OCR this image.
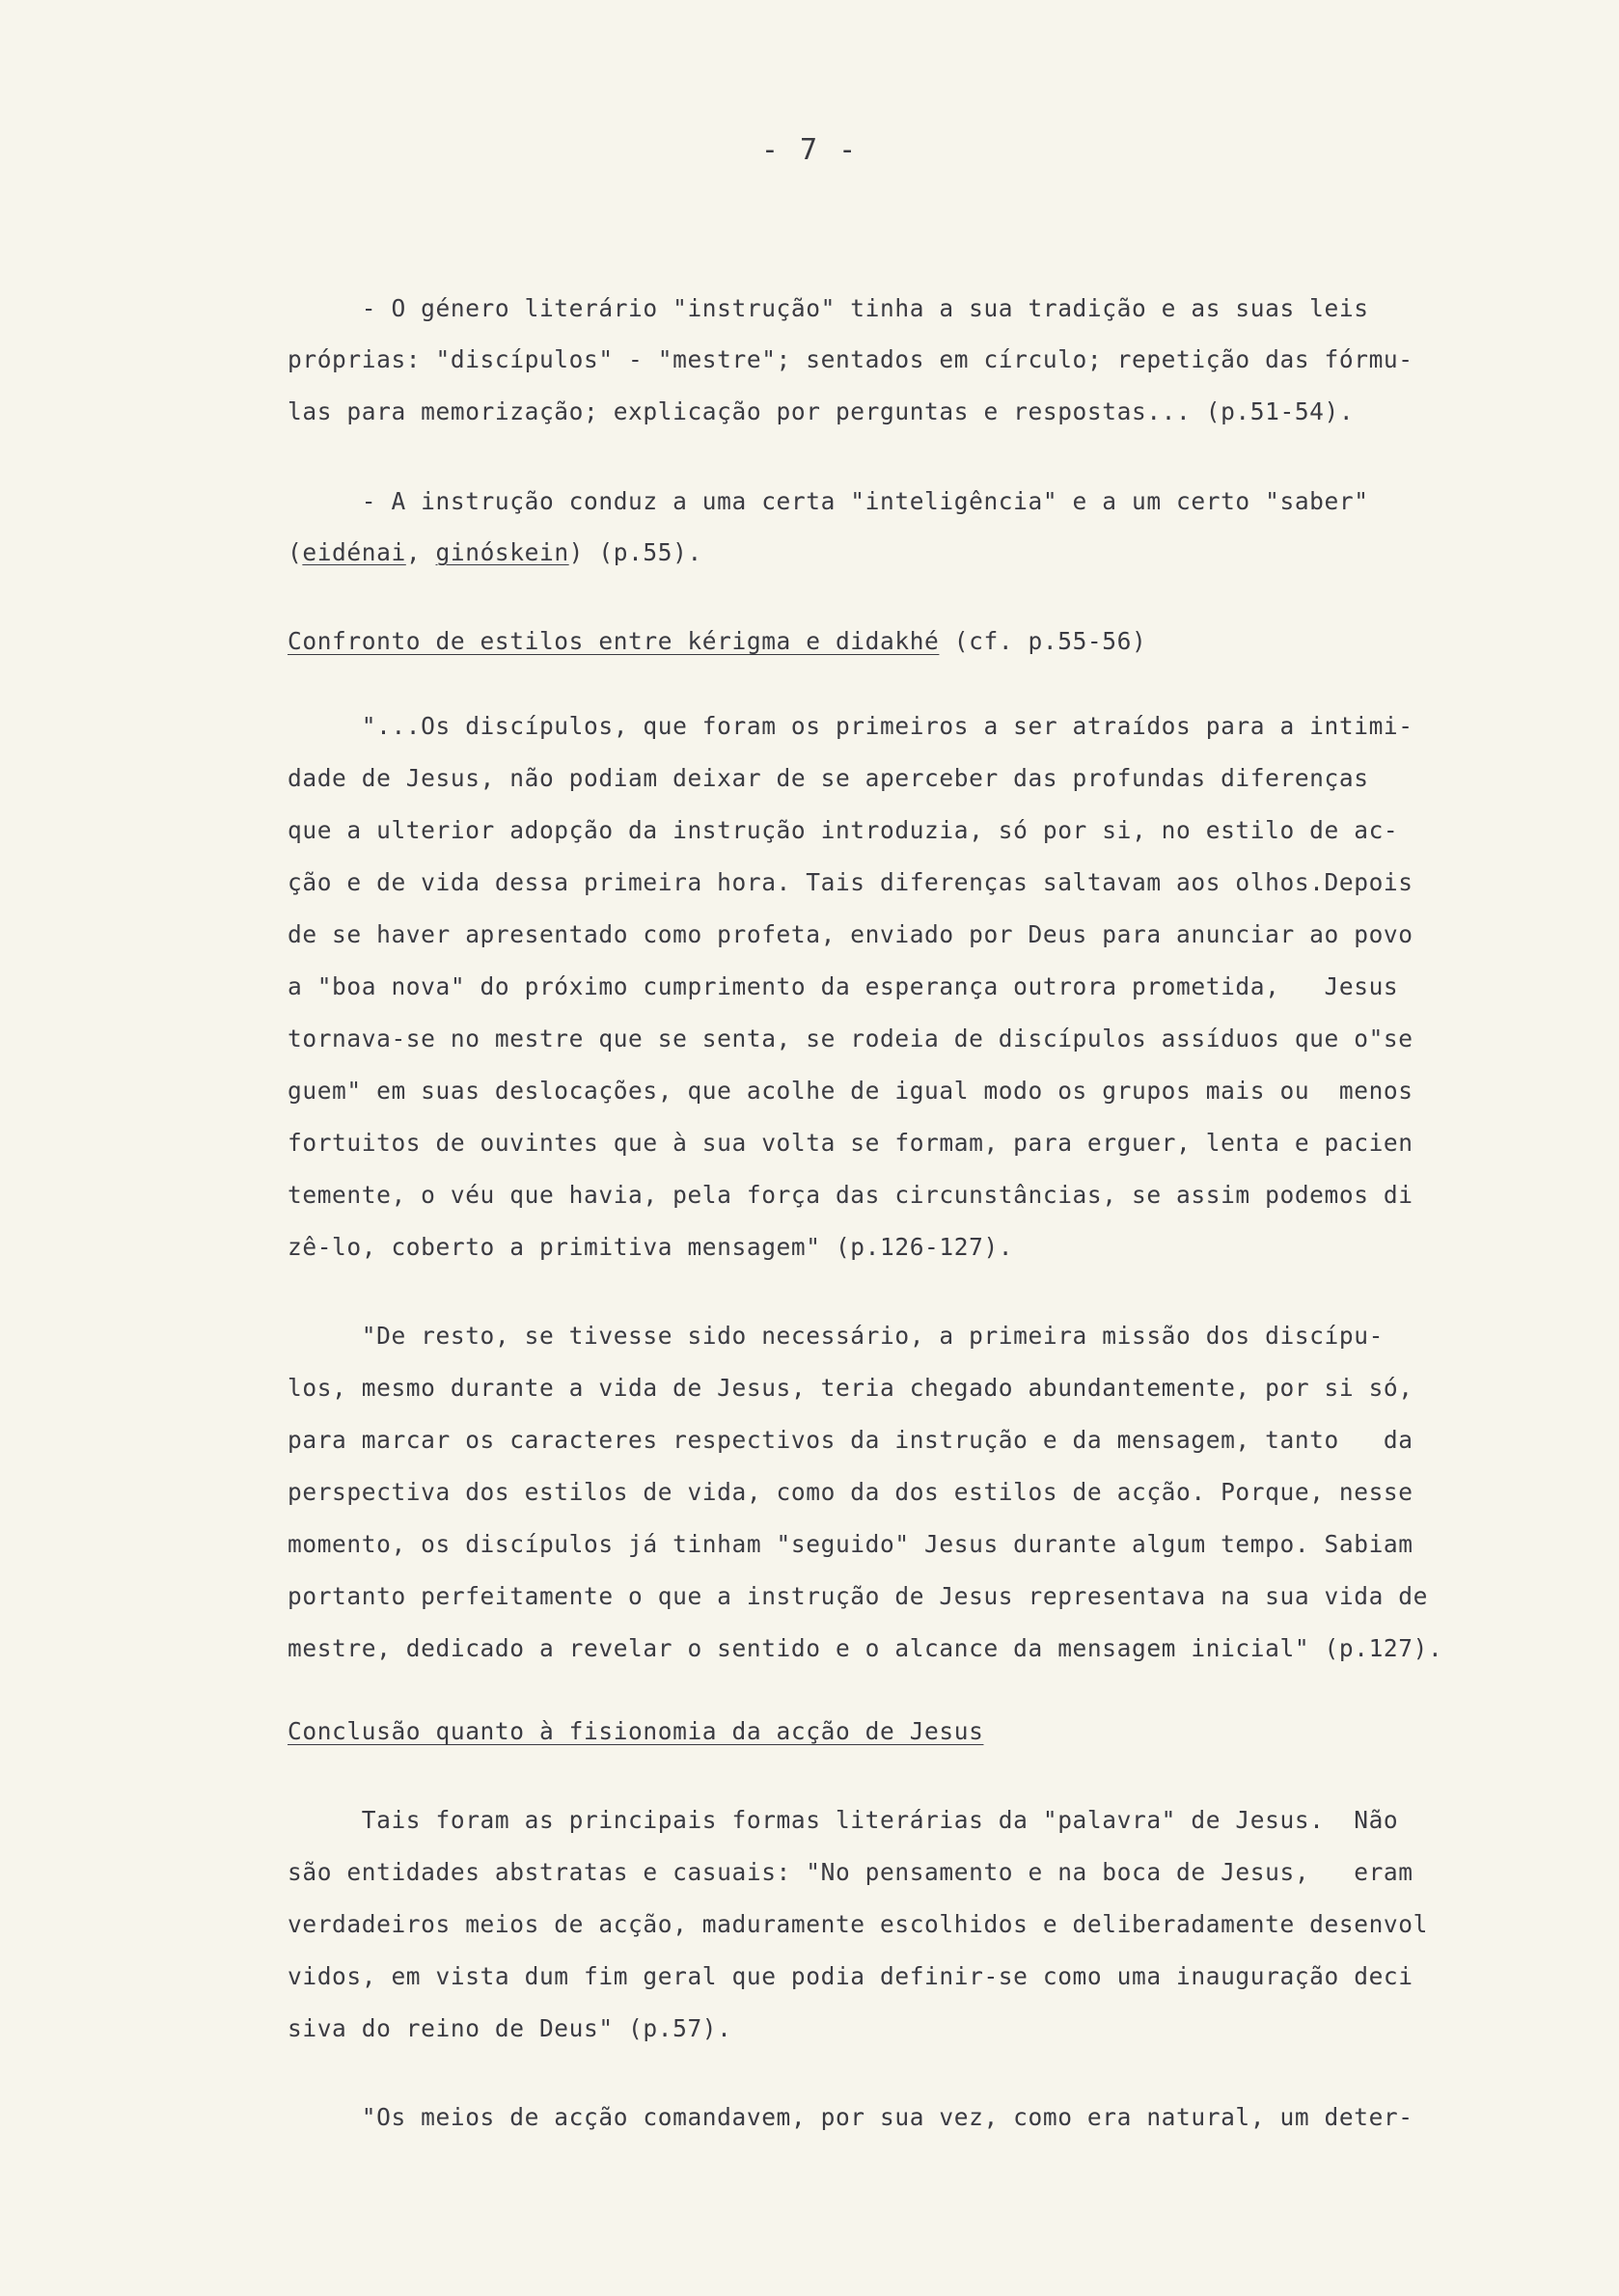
- 7 -
- O género literário "instrução" tinha a sua tradição e as suas leis
próprias: "discípulos" - "mestre"; sentados em círculo; repetição das fórmu-
las para memorização; explicação por perguntas e respostas... (p.51-54).
- A instrução conduz a uma certa "inteligência" e a um certo "saber"
(eidénai, ginóskein) (p.55).
Confronto de estilos entre kérigma e didakhé (cf. p.55-56)
"...Os discípulos, que foram os primeiros a ser atraídos para a intimi-
dade de Jesus, não podiam deixar de se aperceber das profundas diferenças
que a ulterior adopção da instrução introduzia, só por si, no estilo de ac-
ção e de vida dessa primeira hora. Tais diferenças saltavam aos olhos.Depois
de se haver apresentado como profeta, enviado por Deus para anunciar ao povo
a "boa nova" do próximo cumprimento da esperança outrora prometida,   Jesus
tornava-se no mestre que se senta, se rodeia de discípulos assíduos que o"se
guem" em suas deslocações, que acolhe de igual modo os grupos mais ou  menos
fortuitos de ouvintes que à sua volta se formam, para erguer, lenta e pacien
temente, o véu que havia, pela força das circunstâncias, se assim podemos di
zê-lo, coberto a primitiva mensagem" (p.126-127).
"De resto, se tivesse sido necessário, a primeira missão dos discípu-
los, mesmo durante a vida de Jesus, teria chegado abundantemente, por si só,
para marcar os caracteres respectivos da instrução e da mensagem, tanto   da
perspectiva dos estilos de vida, como da dos estilos de acção. Porque, nesse
momento, os discípulos já tinham "seguido" Jesus durante algum tempo. Sabiam
portanto perfeitamente o que a instrução de Jesus representava na sua vida de
mestre, dedicado a revelar o sentido e o alcance da mensagem inicial" (p.127).
Conclusão quanto à fisionomia da acção de Jesus
Tais foram as principais formas literárias da "palavra" de Jesus.  Não
são entidades abstratas e casuais: "No pensamento e na boca de Jesus,   eram
verdadeiros meios de acção, maduramente escolhidos e deliberadamente desenvol
vidos, em vista dum fim geral que podia definir-se como uma inauguração deci
siva do reino de Deus" (p.57).
"Os meios de acção comandavem, por sua vez, como era natural, um deter-
